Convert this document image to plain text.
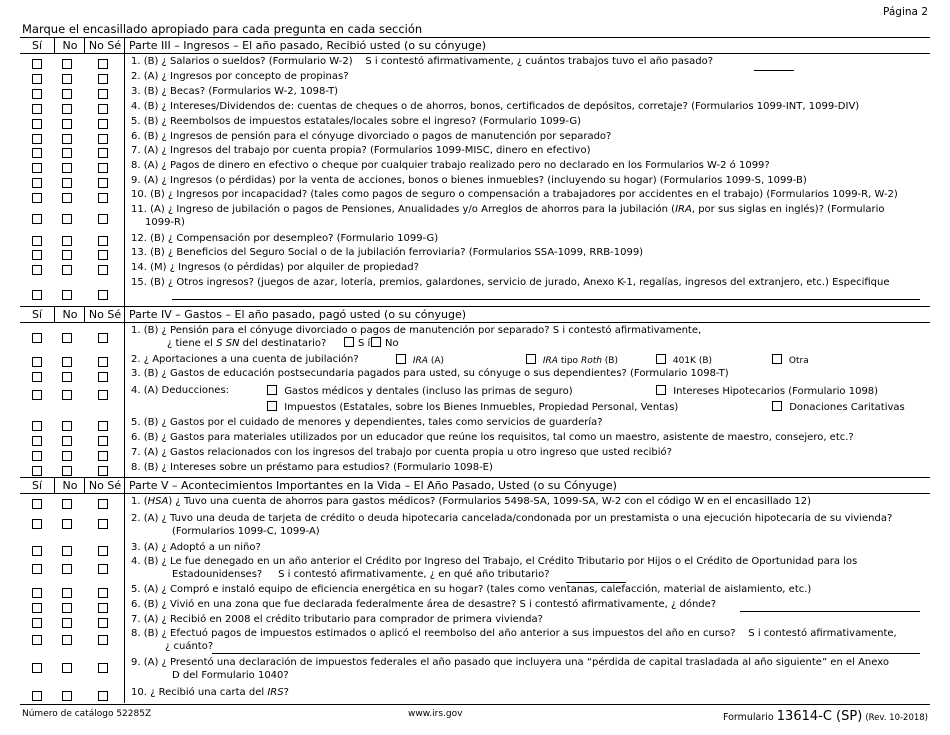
Página 2
Marque el encasillado apropiado para cada pregunta en cada sección
Sí	No	No Sé Parte III – Ingresos – El año pasado, Recibió usted (o su cónyuge)
1. (B) ¿ Salarios o sueldos? (Formulario W-2) S i contestó afirmativamente, ¿ cuántos trabajos tuvo el año pasado?
2. (A) ¿ Ingresos por concepto de propinas?
3. (B) ¿ Becas? (Formularios W-2, 1098-T)
4. (B) ¿ Intereses/Dividendos de: cuentas de cheques o de ahorros, bonos, certificados de depósitos, corretaje? (Formularios 1099-INT, 1099-DIV)
5. (B) ¿ Reembolsos de impuestos estatales/locales sobre el ingreso? (Formulario 1099-G)
6. (B) ¿ Ingresos de pensión para el cónyuge divorciado o pagos de manutención por separado?
7. (A) ¿ Ingresos del trabajo por cuenta propia? (Formularios 1099-MISC, dinero en efectivo)
8. (A) ¿ Pagos de dinero en efectivo o cheque por cualquier trabajo realizado pero no declarado en los Formularios W-2 ó 1099?
9. (A) ¿ Ingresos (o pérdidas) por la venta de acciones, bonos o bienes inmuebles? (incluyendo su hogar) (Formularios 1099-S, 1099-B)
10. (B) ¿ Ingresos por incapacidad? (tales como pagos de seguro o compensación a trabajadores por accidentes en el trabajo) (Formularios 1099-R, W-2)
11. (A) ¿ Ingreso de jubilación o pagos de Pensiones, Anualidades y/o Arreglos de ahorros para la jubilación (IRA, por sus siglas en inglés)? (Formulario
1099-R)
12. (B) ¿ Compensación por desempleo? (Formulario 1099-G)
13. (B) ¿ Beneficios del Seguro Social o de la jubilación ferroviaria? (Formularios SSA-1099, RRB-1099)
14. (M) ¿ Ingresos (o pérdidas) por alquiler de propiedad?
15. (B) ¿ Otros ingresos? (juegos de azar, lotería, premios, galardones, servicio de jurado, Anexo K-1, regalías, ingresos del extranjero, etc.) Especifique
Sí	No	No Sé Parte IV – Gastos – El año pasado, pagó usted (o su cónyuge)
1. (B) ¿ Pensión para el cónyuge divorciado o pagos de manutención por separado? S i contestó afirmativamente,
¿ tiene el S SN del destinatario?	S í	No
2. ¿ Aportaciones a una cuenta de jubilación?	IRA (A)	IRA tipo Roth (B)	401K (B)	Otra
3. (B) ¿ Gastos de educación postsecundaria pagados para usted, su cónyuge o sus dependientes? (Formulario 1098-T)
4. (A) Deducciones:	Gastos médicos y dentales (incluso las primas de seguro)	Intereses Hipotecarios (Formulario 1098)
Impuestos (Estatales, sobre los Bienes Inmuebles, Propiedad Personal, Ventas)	Donaciones Caritativas
5. (B) ¿ Gastos por el cuidado de menores y dependientes, tales como servicios de guardería?
6. (B) ¿ Gastos para materiales utilizados por un educador que reúne los requisitos, tal como un maestro, asistente de maestro, consejero, etc.?
7. (A) ¿ Gastos relacionados con los ingresos del trabajo por cuenta propia u otro ingreso que usted recibió?
8. (B) ¿ Intereses sobre un préstamo para estudios? (Formulario 1098-E)
Sí	No	No Sé Parte V – Acontecimientos Importantes en la Vida – El Año Pasado, Usted (o su Cónyuge)
1. (HSA) ¿ Tuvo una cuenta de ahorros para gastos médicos? (Formularios 5498-SA, 1099-SA, W-2 con el código W en el encasillado 12)
2. (A) ¿ Tuvo una deuda de tarjeta de crédito o deuda hipotecaria cancelada/condonada por un prestamista o una ejecución hipotecaria de su vivienda?
(Formularios 1099-C, 1099-A)
3. (A) ¿ Adoptó a un niño?
4. (B) ¿ Le fue denegado en un año anterior el Crédito por Ingreso del Trabajo, el Crédito Tributario por Hijos o el Crédito de Oportunidad para los
Estadounidenses? S i contestó afirmativamente, ¿ en qué año tributario?
5. (A) ¿ Compró e instaló equipo de eficiencia energética en su hogar? (tales como ventanas, calefacción, material de aislamiento, etc.)
6. (B) ¿ Vivió en una zona que fue declarada federalmente área de desastre? S i contestó afirmativamente, ¿ dónde?
7. (A) ¿ Recibió en 2008 el crédito tributario para comprador de primera vivienda?
8. (B) ¿ Efectuó pagos de impuestos estimados o aplicó el reembolso del año anterior a sus impuestos del año en curso? S i contestó afirmativamente,
¿ cuánto?
9. (A) ¿ Presentó una declaración de impuestos federales el año pasado que incluyera una “pérdida de capital trasladada al año siguiente” en el Anexo
D del Formulario 1040?
10. ¿ Recibió una carta del IRS?
Número de catálogo 52285Z	www.irs.gov	Formulario 13614-C (SP) (Rev. 10-2018)
